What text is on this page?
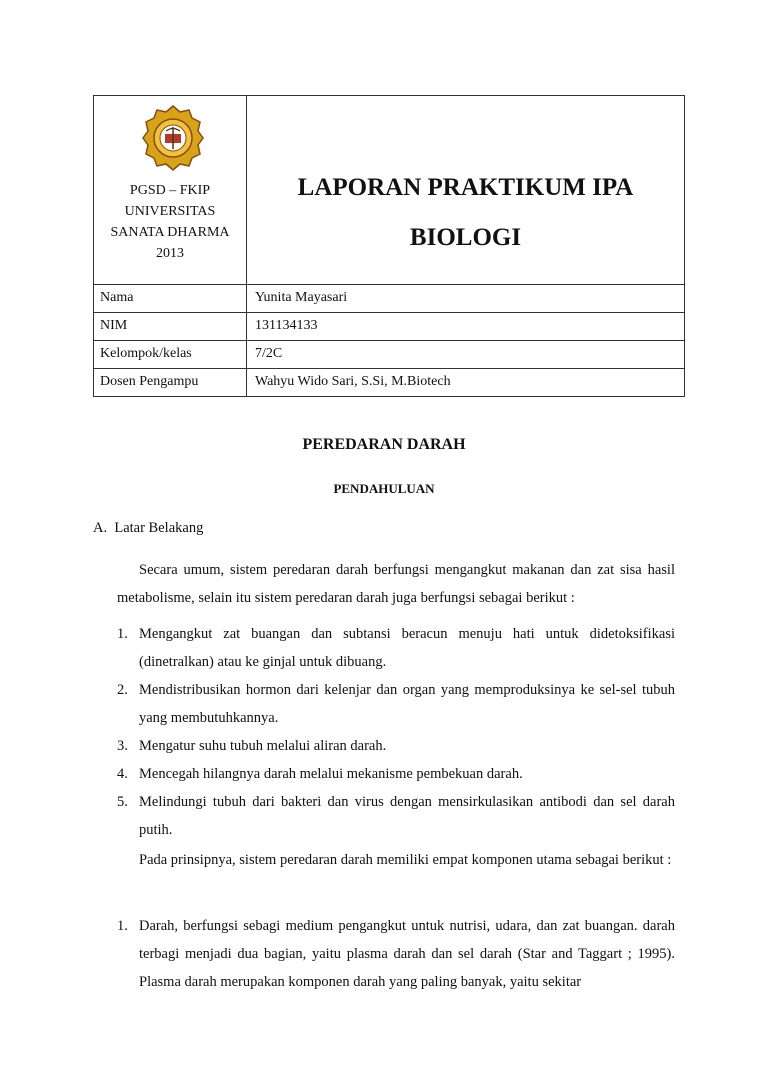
PGSD – FKIP
UNIVERSITAS
SANATA DHARMA
2013
LAPORAN PRAKTIKUM IPA
BIOLOGI
Nama	Yunita Mayasari
NIM	131134133
Kelompok/kelas	7/2C
Dosen Pengampu	Wahyu Wido Sari, S.Si, M.Biotech
PEREDARAN DARAH
PENDAHULUAN
A.  Latar Belakang
Secara umum, sistem peredaran darah berfungsi mengangkut makanan dan zat sisa hasil metabolisme, selain itu sistem peredaran darah juga berfungsi sebagai berikut :
1. Mengangkut zat buangan dan subtansi beracun menuju hati untuk didetoksifikasi (dinetralkan) atau ke ginjal untuk dibuang.
2. Mendistribusikan hormon dari kelenjar dan organ yang memproduksinya ke sel-sel tubuh yang membutuhkannya.
3. Mengatur suhu tubuh melalui aliran darah.
4. Mencegah hilangnya darah melalui mekanisme pembekuan darah.
5. Melindungi tubuh dari bakteri dan virus dengan mensirkulasikan antibodi dan sel darah putih.
Pada prinsipnya, sistem peredaran darah memiliki empat komponen utama sebagai berikut :
1. Darah, berfungsi sebagi medium pengangkut untuk nutrisi, udara, dan zat buangan. darah terbagi menjadi dua bagian, yaitu plasma darah dan sel darah (Star and Taggart ; 1995). Plasma darah merupakan komponen darah yang paling banyak, yaitu sekitar
